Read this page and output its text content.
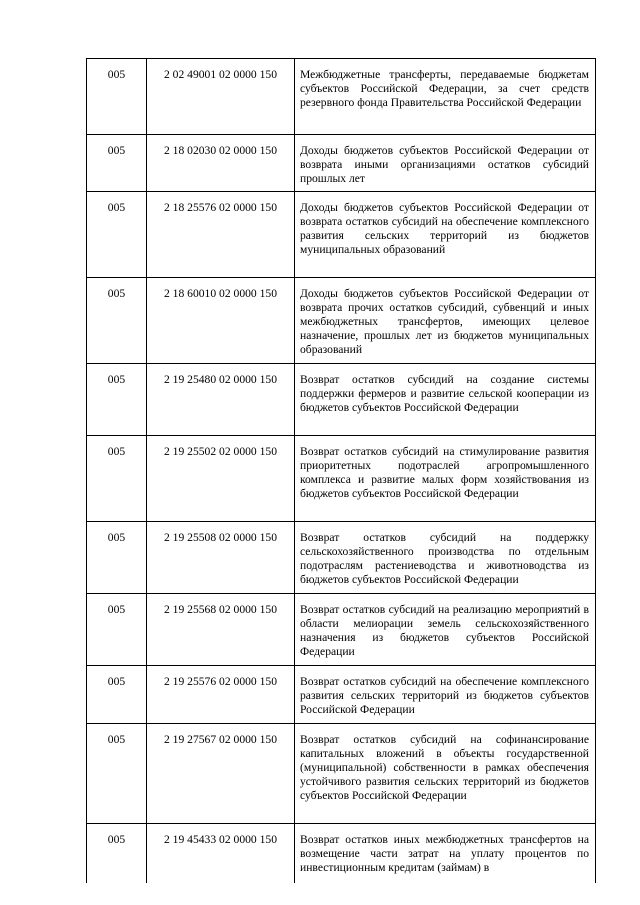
005	2 02 49001 02 0000 150	Межбюджетные трансферты, передаваемые бюджетам субъектов Российской Федерации, за счет средств резервного фонда Правительства Российской Федерации
005	2 18 02030 02 0000 150	Доходы бюджетов субъектов Российской Федерации от возврата иными организациями остатков субсидий прошлых лет
005	2 18 25576 02 0000 150	Доходы бюджетов субъектов Российской Федерации от возврата остатков субсидий на обеспечение комплексного развития сельских территорий из бюджетов муниципальных образований
005	2 18 60010 02 0000 150	Доходы бюджетов субъектов Российской Федерации от возврата прочих остатков субсидий, субвенций и иных межбюджетных трансфертов, имеющих целевое назначение, прошлых лет из бюджетов муниципальных образований
005	2 19 25480 02 0000 150	Возврат остатков субсидий на создание системы поддержки фермеров и развитие сельской кооперации из бюджетов субъектов Российской Федерации
005	2 19 25502 02 0000 150	Возврат остатков субсидий на стимулирование развития приоритетных подотраслей агропромышленного комплекса и развитие малых форм хозяйствования из бюджетов субъектов Российской Федерации
005	2 19 25508 02 0000 150	Возврат остатков субсидий на поддержку сельскохозяйственного производства по отдельным подотраслям растениеводства и животноводства из бюджетов субъектов Российской Федерации
005	2 19 25568 02 0000 150	Возврат остатков субсидий на реализацию мероприятий в области мелиорации земель сельскохозяйственного назначения из бюджетов субъектов Российской Федерации
005	2 19 25576 02 0000 150	Возврат остатков субсидий на обеспечение комплексного развития сельских территорий из бюджетов субъектов Российской Федерации
005	2 19 27567 02 0000 150	Возврат остатков субсидий на софинансирование капитальных вложений в объекты государственной (муниципальной) собственности в рамках обеспечения устойчивого развития сельских территорий из бюджетов субъектов Российской Федерации
005	2 19 45433 02 0000 150	Возврат остатков иных межбюджетных трансфертов на возмещение части затрат на уплату процентов по инвестиционным кредитам (займам) в
